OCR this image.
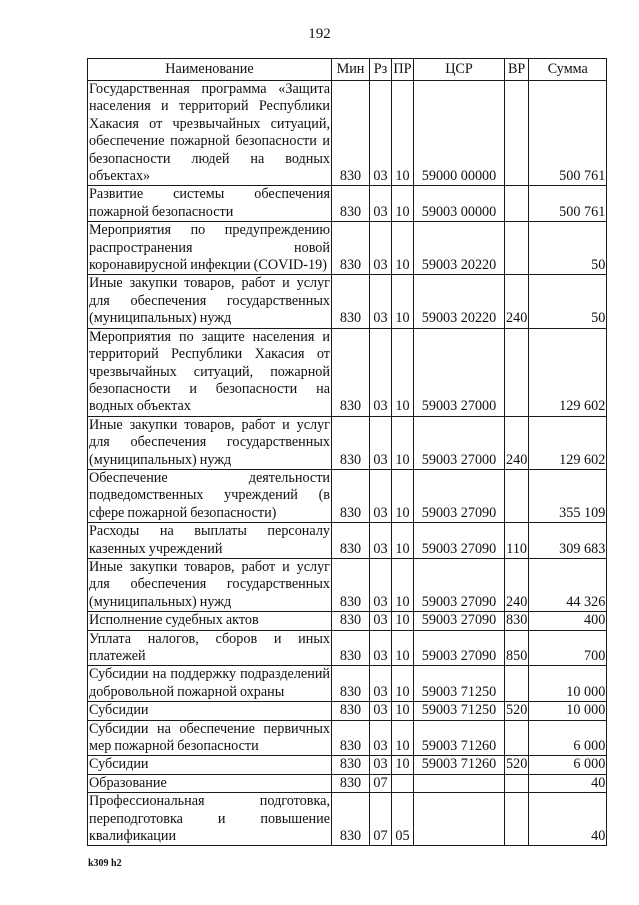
192
Наименование	Мин	Рз	ПР	ЦСР	ВР	Сумма
Государственная программа «Защита населения и территорий Республики Хакасия от чрезвычайных ситуаций, обеспечение пожарной безопасности и безопасности людей на водных объектах»	830	03	10	59000 00000		500 761
Развитие системы обеспечения пожарной безопасности	830	03	10	59003 00000		500 761
Мероприятия по предупреждению распространения новой коронавирусной инфекции (COVID-19)	830	03	10	59003 20220		50
Иные закупки товаров, работ и услуг для обеспечения государственных (муниципальных) нужд	830	03	10	59003 20220	240	50
Мероприятия по защите населения и территорий Республики Хакасия от чрезвычайных ситуаций, пожарной безопасности и безопасности на водных объектах	830	03	10	59003 27000		129 602
Иные закупки товаров, работ и услуг для обеспечения государственных (муниципальных) нужд	830	03	10	59003 27000	240	129 602
Обеспечение деятельности подведомственных учреждений (в сфере пожарной безопасности)	830	03	10	59003 27090		355 109
Расходы на выплаты персоналу казенных учреждений	830	03	10	59003 27090	110	309 683
Иные закупки товаров, работ и услуг для обеспечения государственных (муниципальных) нужд	830	03	10	59003 27090	240	44 326
Исполнение судебных актов	830	03	10	59003 27090	830	400
Уплата налогов, сборов и иных платежей	830	03	10	59003 27090	850	700
Субсидии на поддержку подразделений добровольной пожарной охраны	830	03	10	59003 71250		10 000
Субсидии	830	03	10	59003 71250	520	10 000
Субсидии на обеспечение первичных мер пожарной безопасности	830	03	10	59003 71260		6 000
Субсидии	830	03	10	59003 71260	520	6 000
Образование	830	07				40
Профессиональная подготовка, переподготовка и повышение квалификации	830	07	05			40
k309 h2
